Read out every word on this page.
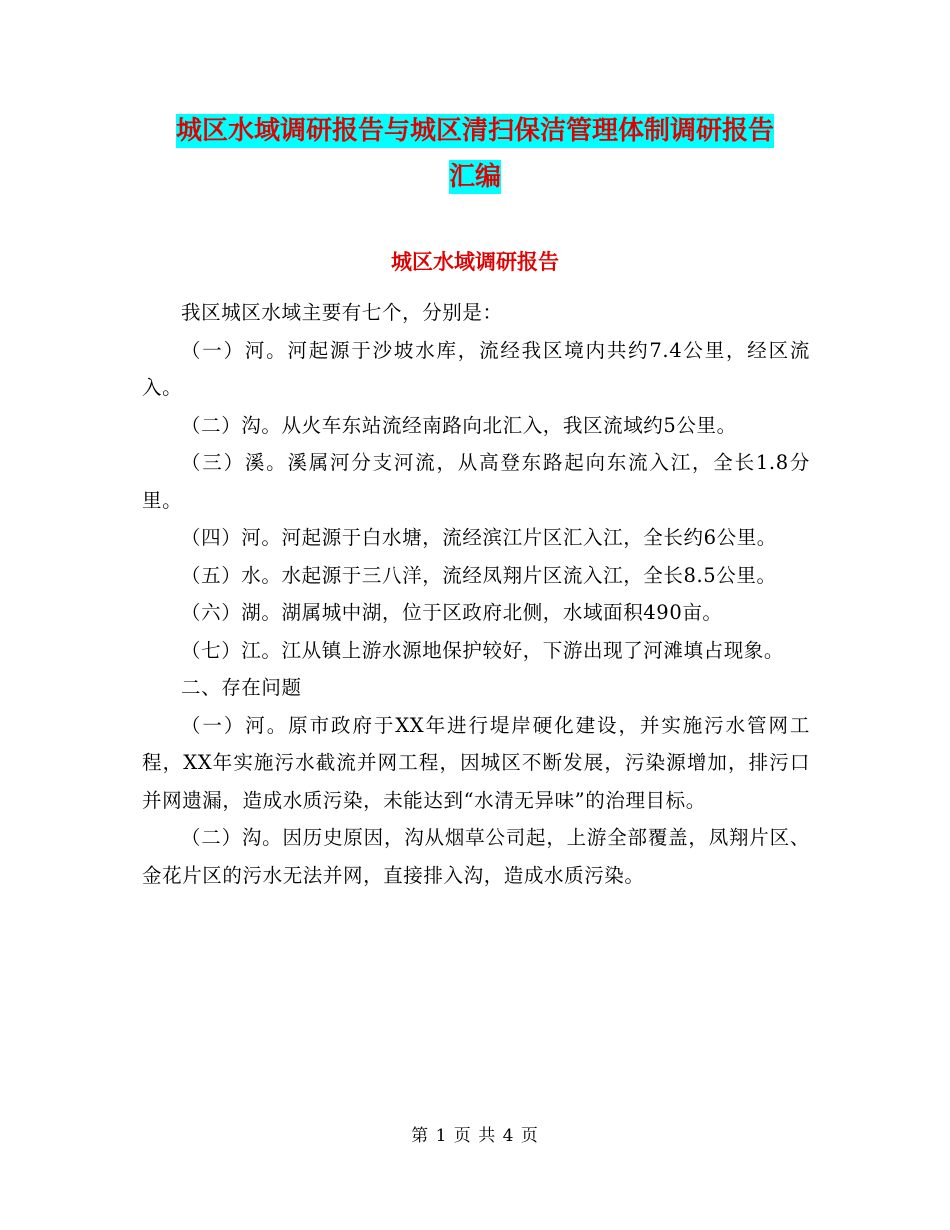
城区水域调研报告与城区清扫保洁管理体制调研报告
汇编
城区水域调研报告

我区城区水域主要有七个，分别是：

（一）河。河起源于沙坡水库，流经我区境内共约7.4公里，经区流入。

（二）沟。从火车东站流经南路向北汇入，我区流域约5公里。

（三）溪。溪属河分支河流，从高登东路起向东流入江，全长1.8分里。

（四）河。河起源于白水塘，流经滨江片区汇入江，全长约6公里。

（五）水。水起源于三八洋，流经凤翔片区流入江，全长8.5公里。

（六）湖。湖属城中湖，位于区政府北侧，水域面积490亩。

（七）江。江从镇上游水源地保护较好，下游出现了河滩填占现象。

二、存在问题

（一）河。原市政府于XX年进行堤岸硬化建设，并实施污水管网工程，XX年实施污水截流并网工程，因城区不断发展，污染源增加，排污口并网遗漏，造成水质污染，未能达到“水清无异味”的治理目标。

（二）沟。因历史原因，沟从烟草公司起，上游全部覆盖，凤翔片区、金花片区的污水无法并网，直接排入沟，造成水质污染。

第 1 页 共 4 页
